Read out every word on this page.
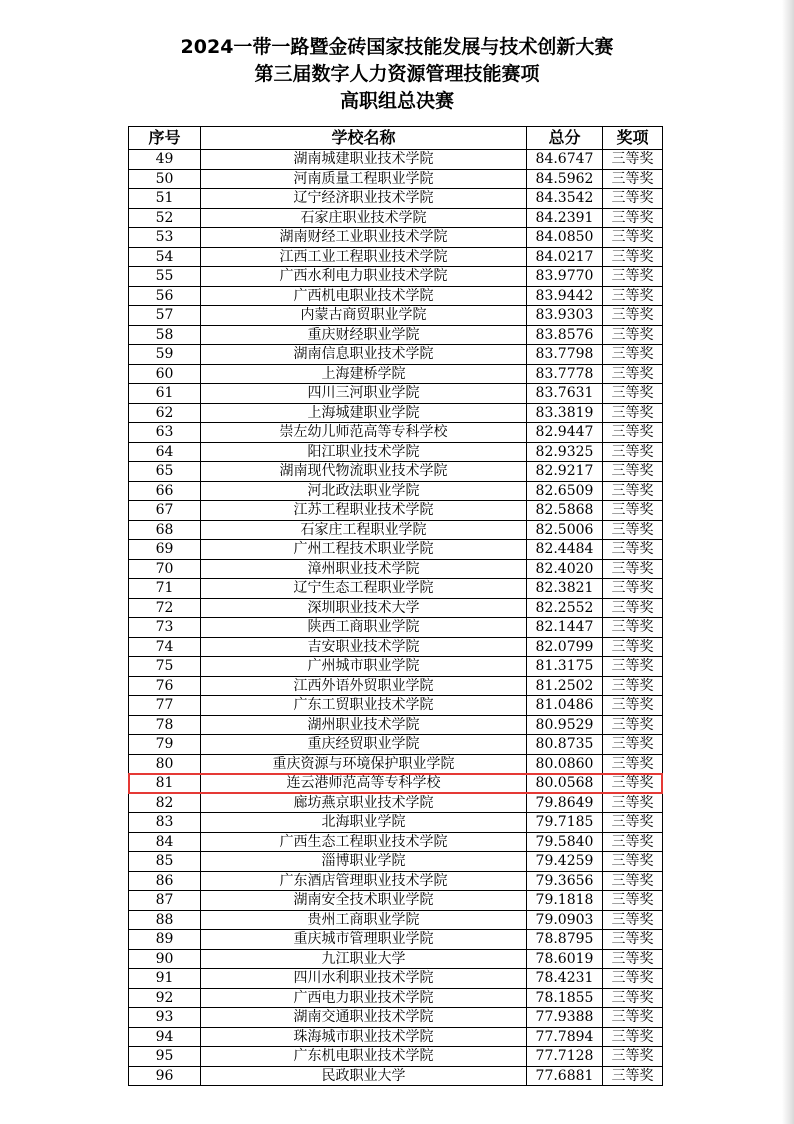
2024一带一路暨金砖国家技能发展与技术创新大赛
第三届数字人力资源管理技能赛项
高职组总决赛
序号	学校名称	总分	奖项
49	湖南城建职业技术学院	84.6747	三等奖
50	河南质量工程职业学院	84.5962	三等奖
51	辽宁经济职业技术学院	84.3542	三等奖
52	石家庄职业技术学院	84.2391	三等奖
53	湖南财经工业职业技术学院	84.0850	三等奖
54	江西工业工程职业技术学院	84.0217	三等奖
55	广西水利电力职业技术学院	83.9770	三等奖
56	广西机电职业技术学院	83.9442	三等奖
57	内蒙古商贸职业学院	83.9303	三等奖
58	重庆财经职业学院	83.8576	三等奖
59	湖南信息职业技术学院	83.7798	三等奖
60	上海建桥学院	83.7778	三等奖
61	四川三河职业学院	83.7631	三等奖
62	上海城建职业学院	83.3819	三等奖
63	崇左幼儿师范高等专科学校	82.9447	三等奖
64	阳江职业技术学院	82.9325	三等奖
65	湖南现代物流职业技术学院	82.9217	三等奖
66	河北政法职业学院	82.6509	三等奖
67	江苏工程职业技术学院	82.5868	三等奖
68	石家庄工程职业学院	82.5006	三等奖
69	广州工程技术职业学院	82.4484	三等奖
70	漳州职业技术学院	82.4020	三等奖
71	辽宁生态工程职业学院	82.3821	三等奖
72	深圳职业技术大学	82.2552	三等奖
73	陕西工商职业学院	82.1447	三等奖
74	吉安职业技术学院	82.0799	三等奖
75	广州城市职业学院	81.3175	三等奖
76	江西外语外贸职业学院	81.2502	三等奖
77	广东工贸职业技术学院	81.0486	三等奖
78	湖州职业技术学院	80.9529	三等奖
79	重庆经贸职业学院	80.8735	三等奖
80	重庆资源与环境保护职业学院	80.0860	三等奖
81	连云港师范高等专科学校	80.0568	三等奖
82	廊坊燕京职业技术学院	79.8649	三等奖
83	北海职业学院	79.7185	三等奖
84	广西生态工程职业技术学院	79.5840	三等奖
85	淄博职业学院	79.4259	三等奖
86	广东酒店管理职业技术学院	79.3656	三等奖
87	湖南安全技术职业学院	79.1818	三等奖
88	贵州工商职业学院	79.0903	三等奖
89	重庆城市管理职业学院	78.8795	三等奖
90	九江职业大学	78.6019	三等奖
91	四川水利职业技术学院	78.4231	三等奖
92	广西电力职业技术学院	78.1855	三等奖
93	湖南交通职业技术学院	77.9388	三等奖
94	珠海城市职业技术学院	77.7894	三等奖
95	广东机电职业技术学院	77.7128	三等奖
96	民政职业大学	77.6881	三等奖
